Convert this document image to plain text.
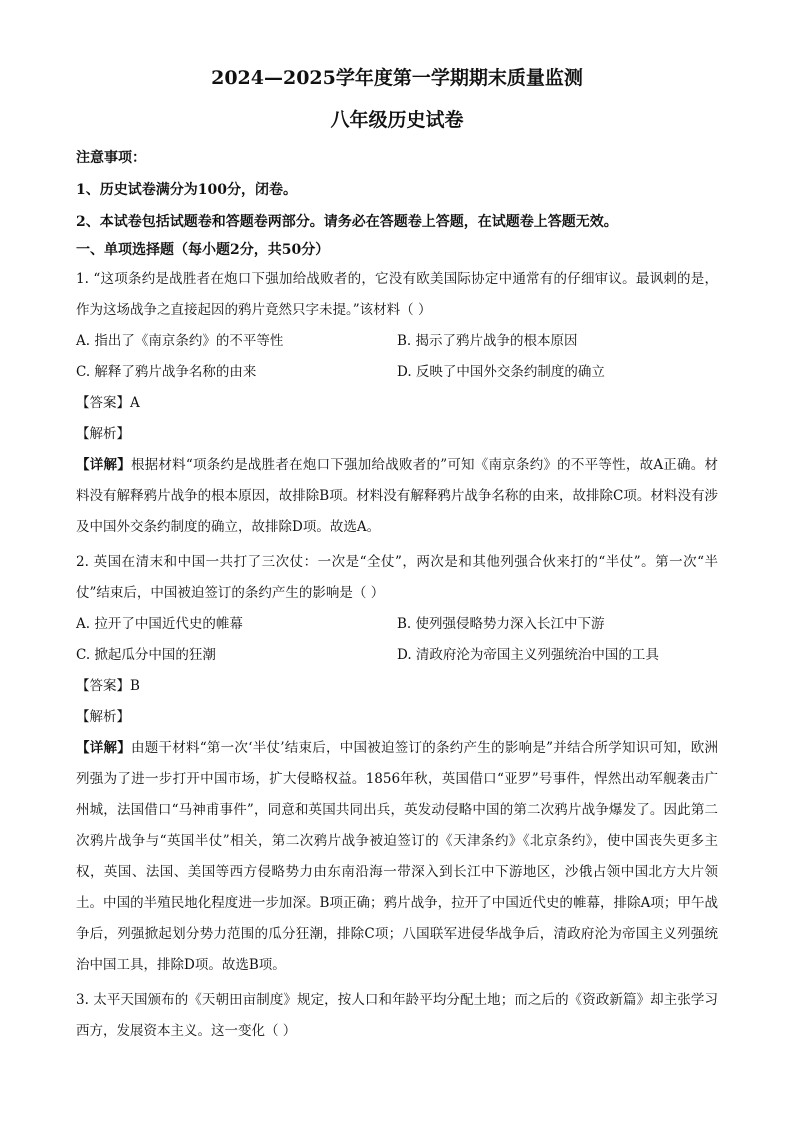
2024—2025学年度第一学期期末质量监测
八年级历史试卷
注意事项：
1、历史试卷满分为100分，闭卷。
2、本试卷包括试题卷和答题卷两部分。请务必在答题卷上答题，在试题卷上答题无效。
一、单项选择题（每小题2分，共50分）

1. “这项条约是战胜者在炮口下强加给战败者的，它没有欧美国际协定中通常有的仔细审议。最讽刺的是，作为这场战争之直接起因的鸦片竟然只字未提。”该材料（ ）

A. 指出了《南京条约》的不平等性	B. 揭示了鸦片战争的根本原因
C. 解释了鸦片战争名称的由来	D. 反映了中国外交条约制度的确立

【答案】A

【解析】

【详解】根据材料“项条约是战胜者在炮口下强加给战败者的”可知《南京条约》的不平等性，故A正确。材料没有解释鸦片战争的根本原因，故排除B项。材料没有解释鸦片战争名称的由来，故排除C项。材料没有涉及中国外交条约制度的确立，故排除D项。故选A。

2. 英国在清末和中国一共打了三次仗：一次是“全仗”，两次是和其他列强合伙来打的“半仗”。第一次“半仗”结束后，中国被迫签订的条约产生的影响是（ ）

A. 拉开了中国近代史的帷幕	B. 使列强侵略势力深入长江中下游
C. 掀起瓜分中国的狂潮	D. 清政府沦为帝国主义列强统治中国的工具

【答案】B

【解析】

【详解】由题干材料“第一次‘半仗’结束后，中国被迫签订的条约产生的影响是”并结合所学知识可知，欧洲列强为了进一步打开中国市场，扩大侵略权益。1856年秋，英国借口“亚罗”号事件，悍然出动军舰袭击广州城，法国借口“马神甫事件”，同意和英国共同出兵，英发动侵略中国的第二次鸦片战争爆发了。因此第二次鸦片战争与“英国半仗”相关，第二次鸦片战争被迫签订的《天津条约》《北京条约》，使中国丧失更多主权，英国、法国、美国等西方侵略势力由东南沿海一带深入到长江中下游地区，沙俄占领中国北方大片领土。中国的半殖民地化程度进一步加深。B项正确；鸦片战争，拉开了中国近代史的帷幕，排除A项；甲午战争后，列强掀起划分势力范围的瓜分狂潮，排除C项；八国联军进侵华战争后，清政府沦为帝国主义列强统治中国工具，排除D项。故选B项。

3. 太平天国颁布的《天朝田亩制度》规定，按人口和年龄平均分配土地；而之后的《资政新篇》却主张学习西方，发展资本主义。这一变化（ ）
